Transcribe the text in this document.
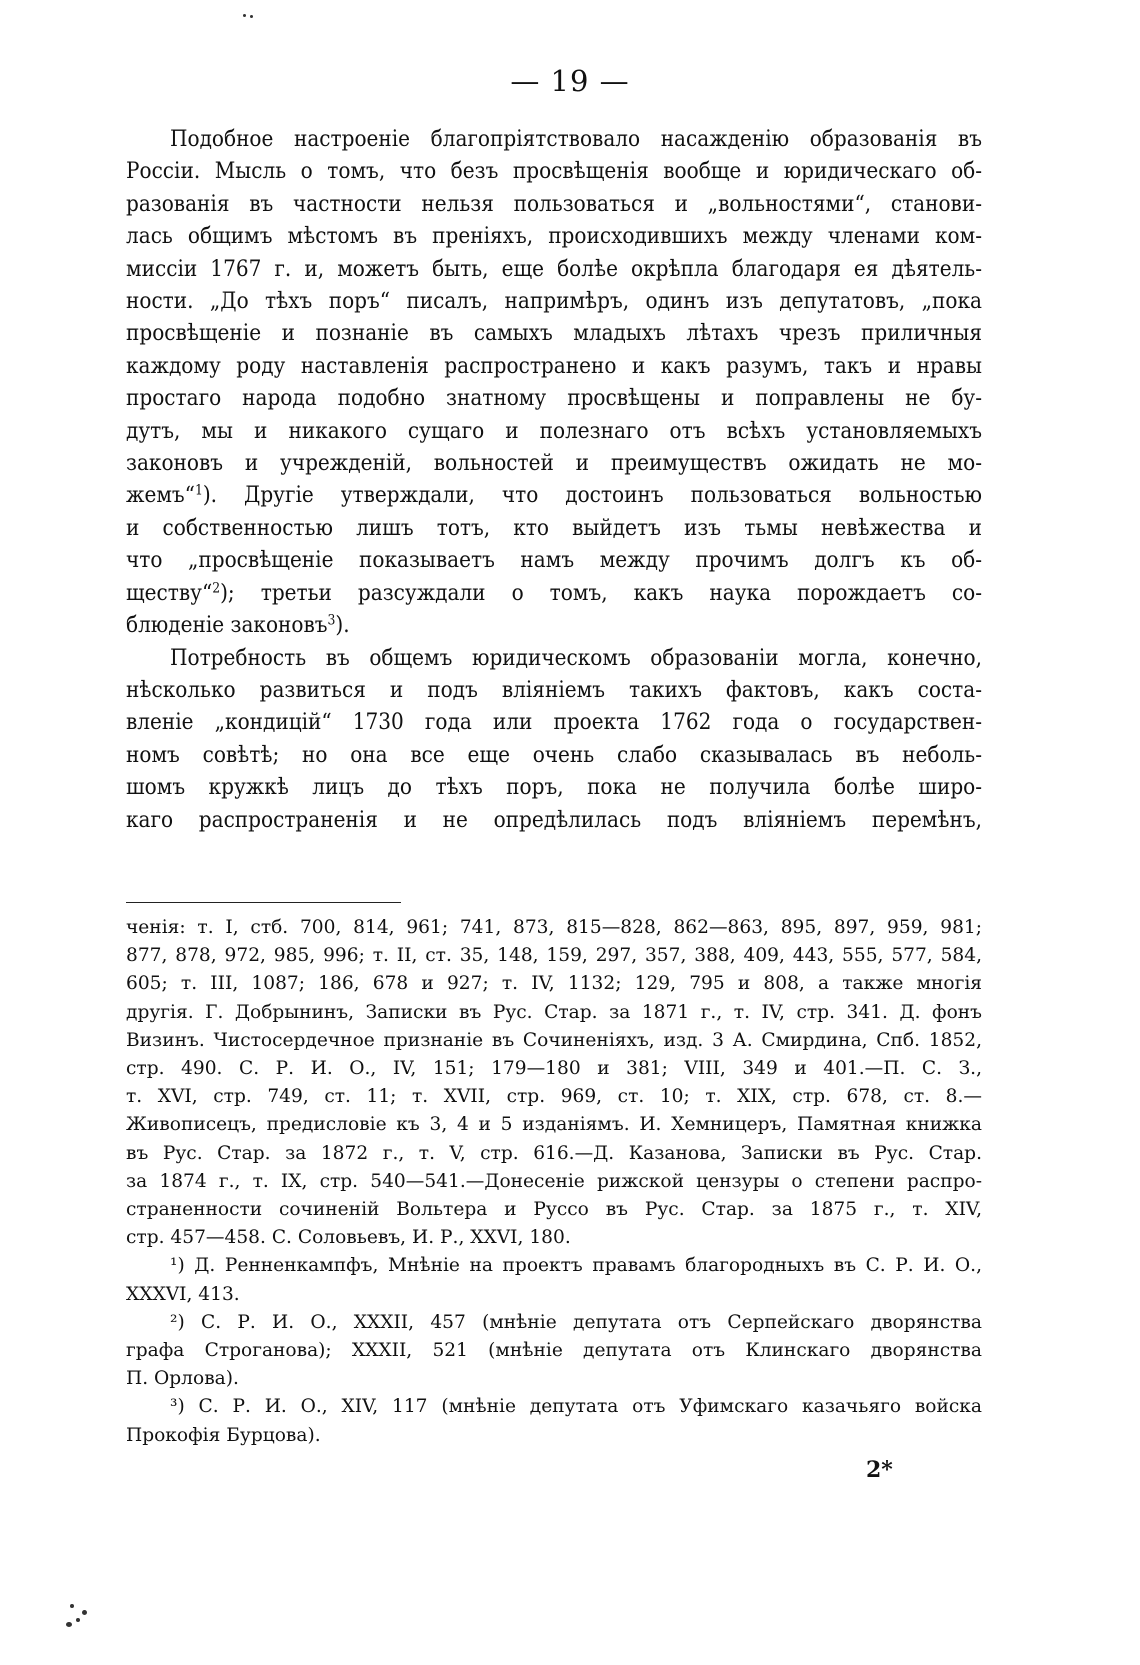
— 19 —
Подобное настроеніе благопріятствовало насажденію образованія въ
Россіи. Мысль о томъ, что безъ просвѣщенія вообще и юридическаго об-
разованія въ частности нельзя пользоваться и „вольностями“, станови-
лась общимъ мѣстомъ въ преніяхъ, происходившихъ между членами ком-
миссіи 1767 г. и, можетъ быть, еще болѣе окрѣпла благодаря ея дѣятель-
ности. „До тѣхъ поръ“ писалъ, напримѣръ, одинъ изъ депутатовъ, „пока
просвѣщеніе и познаніе въ самыхъ младыхъ лѣтахъ чрезъ приличныя
каждому роду наставленія распространено и какъ разумъ, такъ и нравы
простаго народа подобно знатному просвѣщены и поправлены не бу-
дутъ, мы и никакого сущаго и полезнаго отъ всѣхъ установляемыхъ
законовъ и учрежденій, вольностей и преимуществъ ожидать не мо-
жемъ“$^1$). Другіе утверждали, что достоинъ пользоваться вольностью
и собственностью лишъ тотъ, кто выйдетъ изъ тьмы невѣжества и
что „просвѣщеніе показываетъ намъ между прочимъ долгъ къ об-
ществу“$^2$); третьи разсуждали о томъ, какъ наука порождаетъ со-
блюденіе законовъ$^3$).
Потребность въ общемъ юридическомъ образованіи могла, конечно,
нѣсколько развиться и подъ вліяніемъ такихъ фактовъ, какъ соста-
вленіе „кондицій“ 1730 года или проекта 1762 года о государствен-
номъ совѣтѣ; но она все еще очень слабо сказывалась въ неболь-
шомъ кружкѣ лицъ до тѣхъ поръ, пока не получила болѣе широ-
каго распространенія и не опредѣлилась подъ вліяніемъ перемѣнъ,
ченія: т. I, стб. 700, 814, 961; 741, 873, 815—828, 862—863, 895, 897, 959, 981;
877, 878, 972, 985, 996; т. II, ст. 35, 148, 159, 297, 357, 388, 409, 443, 555, 577, 584,
605; т. III, 1087; 186, 678 и 927; т. IV, 1132; 129, 795 и 808, а также многія
другія. Г. Добрынинъ, Записки въ Рус. Стар. за 1871 г., т. IV, стр. 341. Д. фонъ
Визинъ. Чистосердечное признаніе въ Сочиненіяхъ, изд. 3 А. Смирдина, Спб. 1852,
стр. 490. С. Р. И. О., IV, 151; 179—180 и 381; VIII, 349 и 401.—П. С. З.,
т. XVI, стр. 749, ст. 11; т. XVII, стр. 969, ст. 10; т. XIX, стр. 678, ст. 8.—
Живописецъ, предисловіе къ 3, 4 и 5 изданіямъ. И. Хемницеръ, Памятная книжка
въ Рус. Стар. за 1872 г., т. V, стр. 616.—Д. Казанова, Записки въ Рус. Стар.
за 1874 г., т. IX, стр. 540—541.—Донесеніе рижской цензуры о степени распро-
страненности сочиненій Вольтера и Руссо въ Рус. Стар. за 1875 г., т. XIV,
стр. 457—458. С. Соловьевъ, И. Р., XXVI, 180.
¹) Д. Ренненкампфъ, Мнѣніе на проектъ правамъ благородныхъ въ С. Р. И. О.,
XXXVI, 413.
²) С. Р. И. О., XXXII, 457 (мнѣніе депутата отъ Серпейскаго дворянства
графа Строганова); XXXII, 521 (мнѣніе депутата отъ Клинскаго дворянства
П. Орлова).
³) С. Р. И. О., XIV, 117 (мнѣніе депутата отъ Уфимскаго казачьяго войска
Прокофія Бурцова).
2*
